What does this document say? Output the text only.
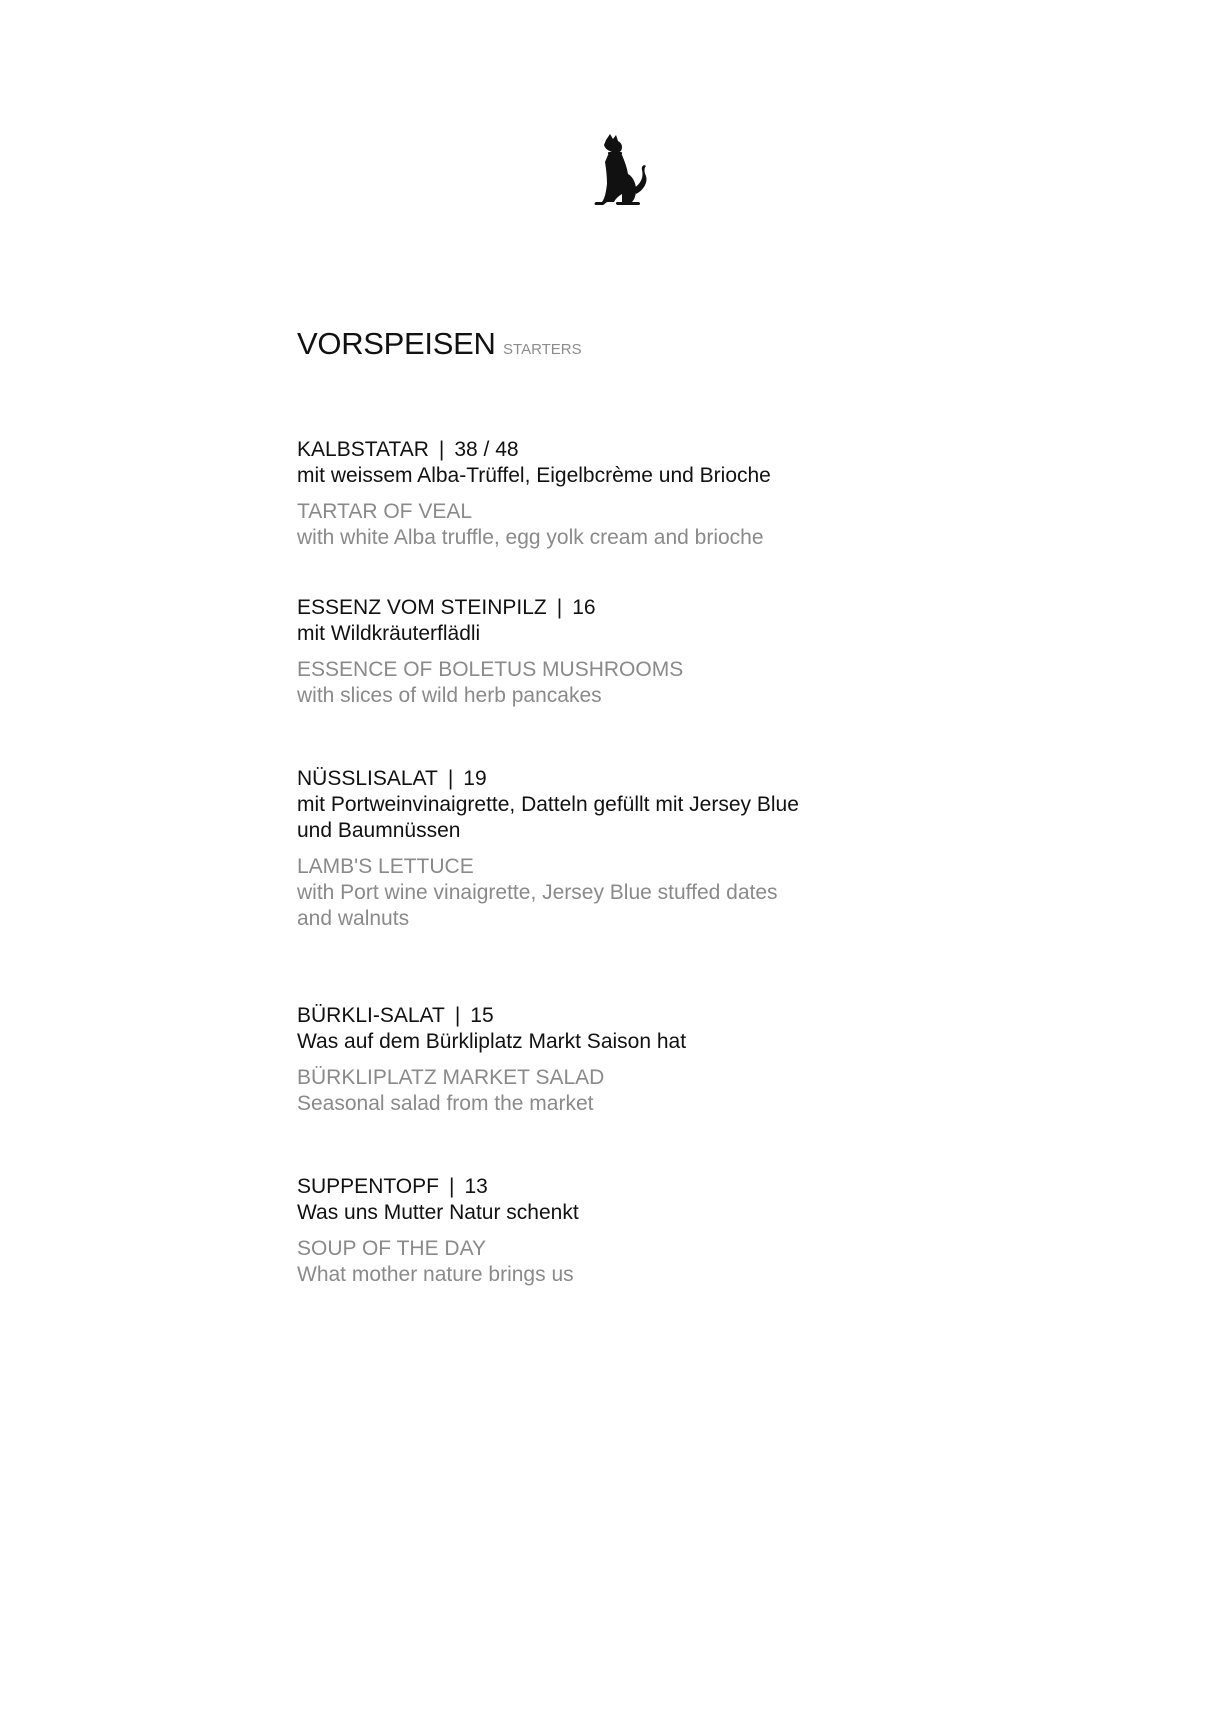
VORSPEISEN STARTERS
KALBSTATAR | 38 / 48
mit weissem Alba-Trüffel, Eigelbcrème und Brioche
TARTAR OF VEAL
with white Alba truffle, egg yolk cream and brioche
ESSENZ VOM STEINPILZ | 16
mit Wildkräuterflädli
ESSENCE OF BOLETUS MUSHROOMS
with slices of wild herb pancakes
NÜSSLISALAT | 19
mit Portweinvinaigrette, Datteln gefüllt mit Jersey Blue
und Baumnüssen
LAMB'S LETTUCE
with Port wine vinaigrette, Jersey Blue stuffed dates
and walnuts
BÜRKLI-SALAT | 15
Was auf dem Bürkliplatz Markt Saison hat
BÜRKLIPLATZ MARKET SALAD
Seasonal salad from the market
SUPPENTOPF | 13
Was uns Mutter Natur schenkt
SOUP OF THE DAY
What mother nature brings us
